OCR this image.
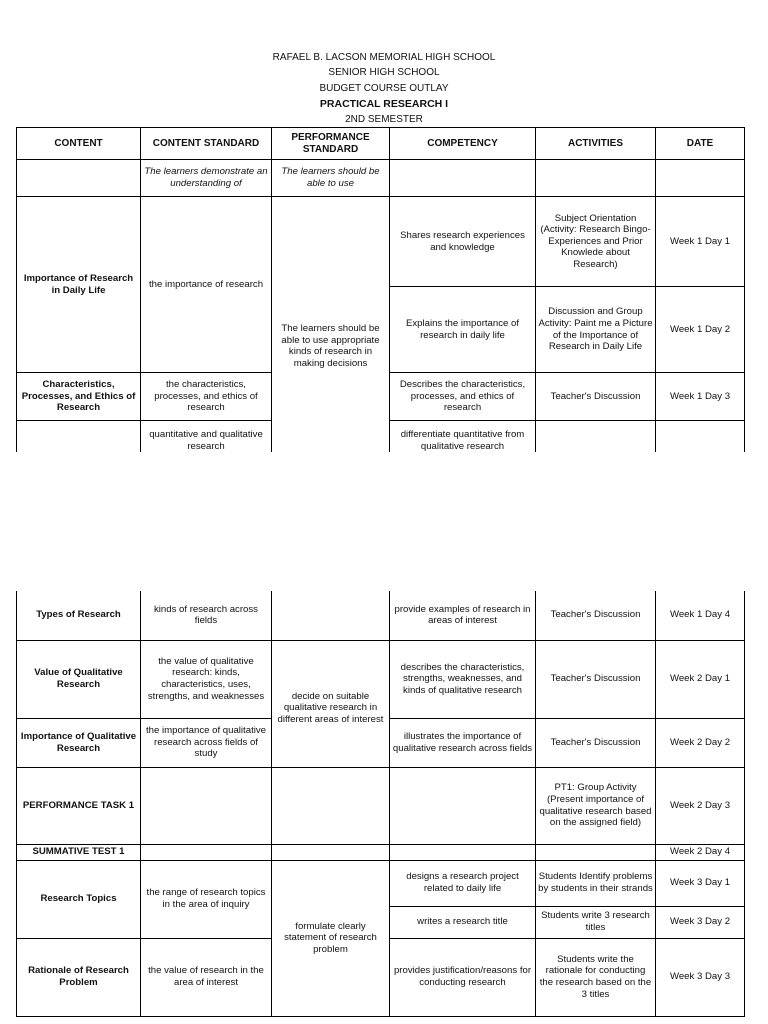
RAFAEL B. LACSON MEMORIAL HIGH SCHOOL
SENIOR HIGH SCHOOL
BUDGET COURSE OUTLAY
PRACTICAL RESEARCH I
2ND SEMESTER
CONTENT	CONTENT STANDARD	PERFORMANCE STANDARD	COMPETENCY	ACTIVITIES	DATE
	The learners demonstrate an understanding of	The learners should be able to use			
Importance of Research in Daily Life	the importance of research	The learners should be able to use appropriate kinds of research in making decisions	Shares research experiences and knowledge	Subject Orientation (Activity: Research Bingo- Experiences and Prior Knowlede about Research)	Week 1 Day 1
			Explains the importance of research in daily life	Discussion and Group Activity: Paint me a Picture of the Importance of Research in Daily Life	Week 1 Day 2
Characteristics, Processes, and Ethics of Research	the characteristics, processes, and ethics of research		Describes the characteristics, processes, and ethics of research	Teacher's Discussion	Week 1 Day 3
	quantitative and qualitative research		differentiate quantitative from qualitative research		
Types of Research	kinds of research across fields		provide examples of research in areas of interest	Teacher's Discussion	Week 1 Day 4
Value of Qualitative Research	the value of qualitative research: kinds, characteristics, uses, strengths, and weaknesses	decide on suitable qualitative research in different areas of interest	describes the characteristics, strengths, weaknesses, and kinds of qualitative research	Teacher's Discussion	Week 2 Day 1
Importance of Qualitative Research	the importance of qualitative research across fields of study		illustrates the importance of qualitative research across fields	Teacher's Discussion	Week 2 Day 2
PERFORMANCE TASK 1				PT1: Group Activity (Present importance of qualitative research based on the assigned field)	Week 2 Day 3
SUMMATIVE TEST 1					Week 2 Day 4
Research Topics	the range of research topics in the area of inquiry	formulate clearly statement of research problem	designs a research project related to daily life	Students Identify problems by students in their strands	Week 3 Day 1
			writes a research title	Students write 3 research titles	Week 3 Day 2
Rationale of Research Problem	the value of research in the area of interest		provides justification/reasons for conducting research	Students write the rationale for conducting the research based on the 3 titles	Week 3 Day 3
